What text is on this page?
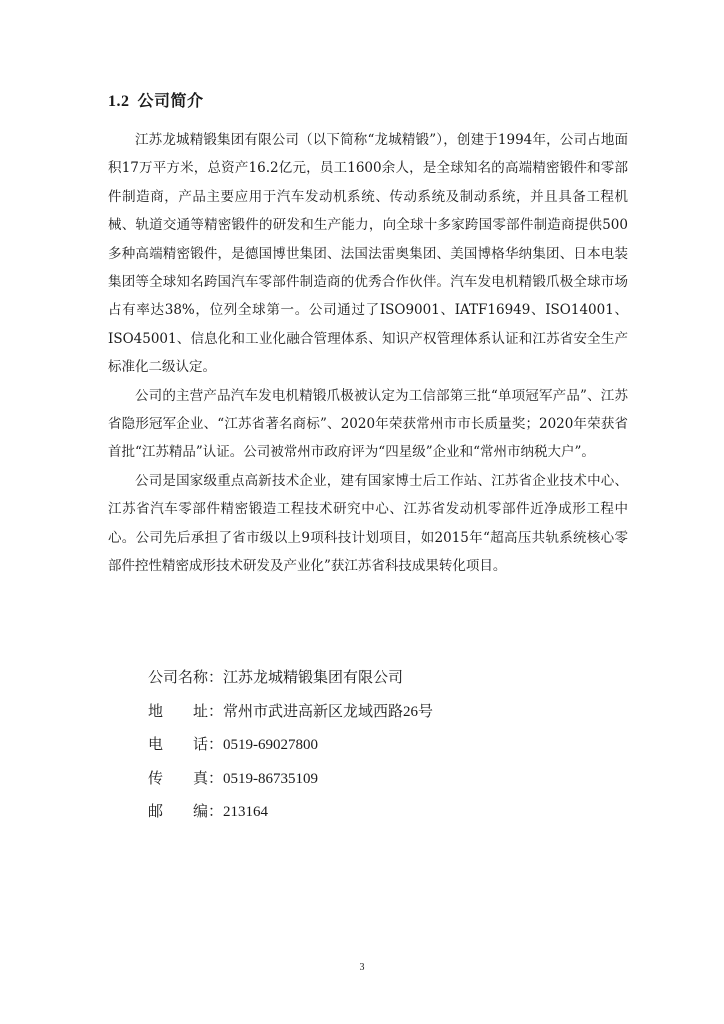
1.2 公司简介

江苏龙城精锻集团有限公司（以下简称“龙城精锻”），创建于1994年，公司占地面积17万平方米，总资产16.2亿元，员工1600余人，是全球知名的高端精密锻件和零部件制造商，产品主要应用于汽车发动机系统、传动系统及制动系统，并且具备工程机械、轨道交通等精密锻件的研发和生产能力，向全球十多家跨国零部件制造商提供500多种高端精密锻件，是德国博世集团、法国法雷奥集团、美国博格华纳集团、日本电装集团等全球知名跨国汽车零部件制造商的优秀合作伙伴。汽车发电机精锻爪极全球市场占有率达38%，位列全球第一。公司通过了ISO9001、IATF16949、ISO14001、ISO45001、信息化和工业化融合管理体系、知识产权管理体系认证和江苏省安全生产标准化二级认定。

公司的主营产品汽车发电机精锻爪极被认定为工信部第三批“单项冠军产品”、江苏省隐形冠军企业、“江苏省著名商标”、2020年荣获常州市市长质量奖；2020年荣获省首批“江苏精品”认证。公司被常州市政府评为“四星级”企业和“常州市纳税大户”。

公司是国家级重点高新技术企业，建有国家博士后工作站、江苏省企业技术中心、江苏省汽车零部件精密锻造工程技术研究中心、江苏省发动机零部件近净成形工程中心。公司先后承担了省市级以上9项科技计划项目，如2015年“超高压共轨系统核心零部件控性精密成形技术研发及产业化”获江苏省科技成果转化项目。

公司名称：江苏龙城精锻集团有限公司
地 址：常州市武进高新区龙域西路26号
电 话：0519-69027800
传 真：0519-86735109
邮 编：213164
3
